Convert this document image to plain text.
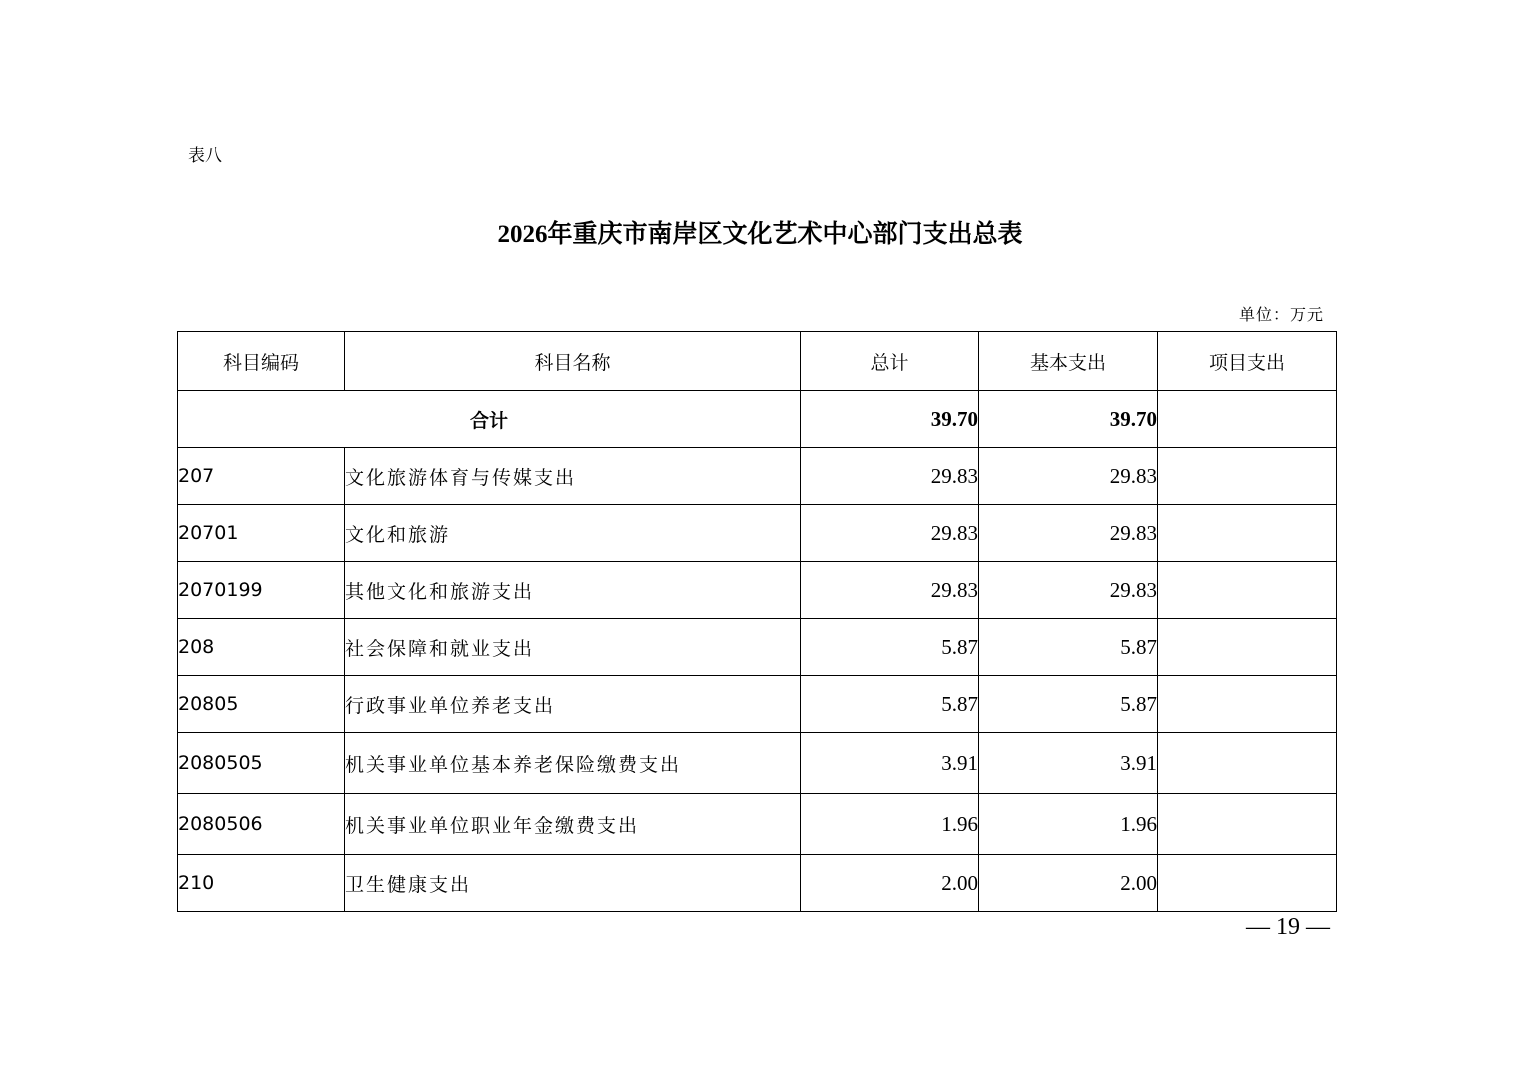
表八
2026年重庆市南岸区文化艺术中心部门支出总表
单位：万元
科目编码	科目名称	总计	基本支出	项目支出
合计		39.70	39.70	
207	文化旅游体育与传媒支出	29.83	29.83	
20701	文化和旅游	29.83	29.83	
2070199	其他文化和旅游支出	29.83	29.83	
208	社会保障和就业支出	5.87	5.87	
20805	行政事业单位养老支出	5.87	5.87	
2080505	机关事业单位基本养老保险缴费支出	3.91	3.91	
2080506	机关事业单位职业年金缴费支出	1.96	1.96	
210	卫生健康支出	2.00	2.00	
— 19 —
